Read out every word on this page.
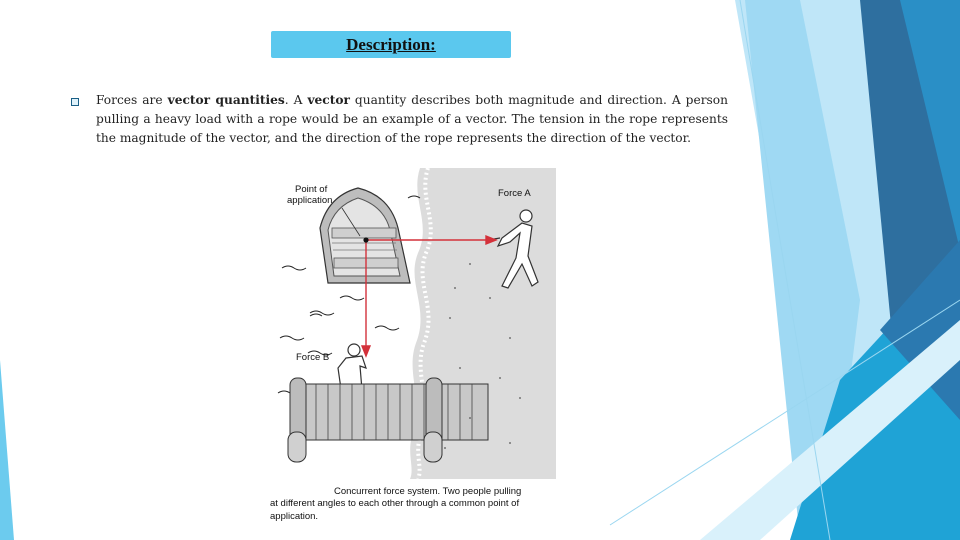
Description:
Forces are vector quantities. A vector quantity describes both magnitude and direction. A person pulling a heavy load with a rope would be an example of a vector. The tension in the rope represents the magnitude of the vector, and the direction of the rope represents the direction of the vector.
Point of
application
Force A
Force B
Concurrent force system. Two people pulling
at different angles to each other through a common point of
application.
